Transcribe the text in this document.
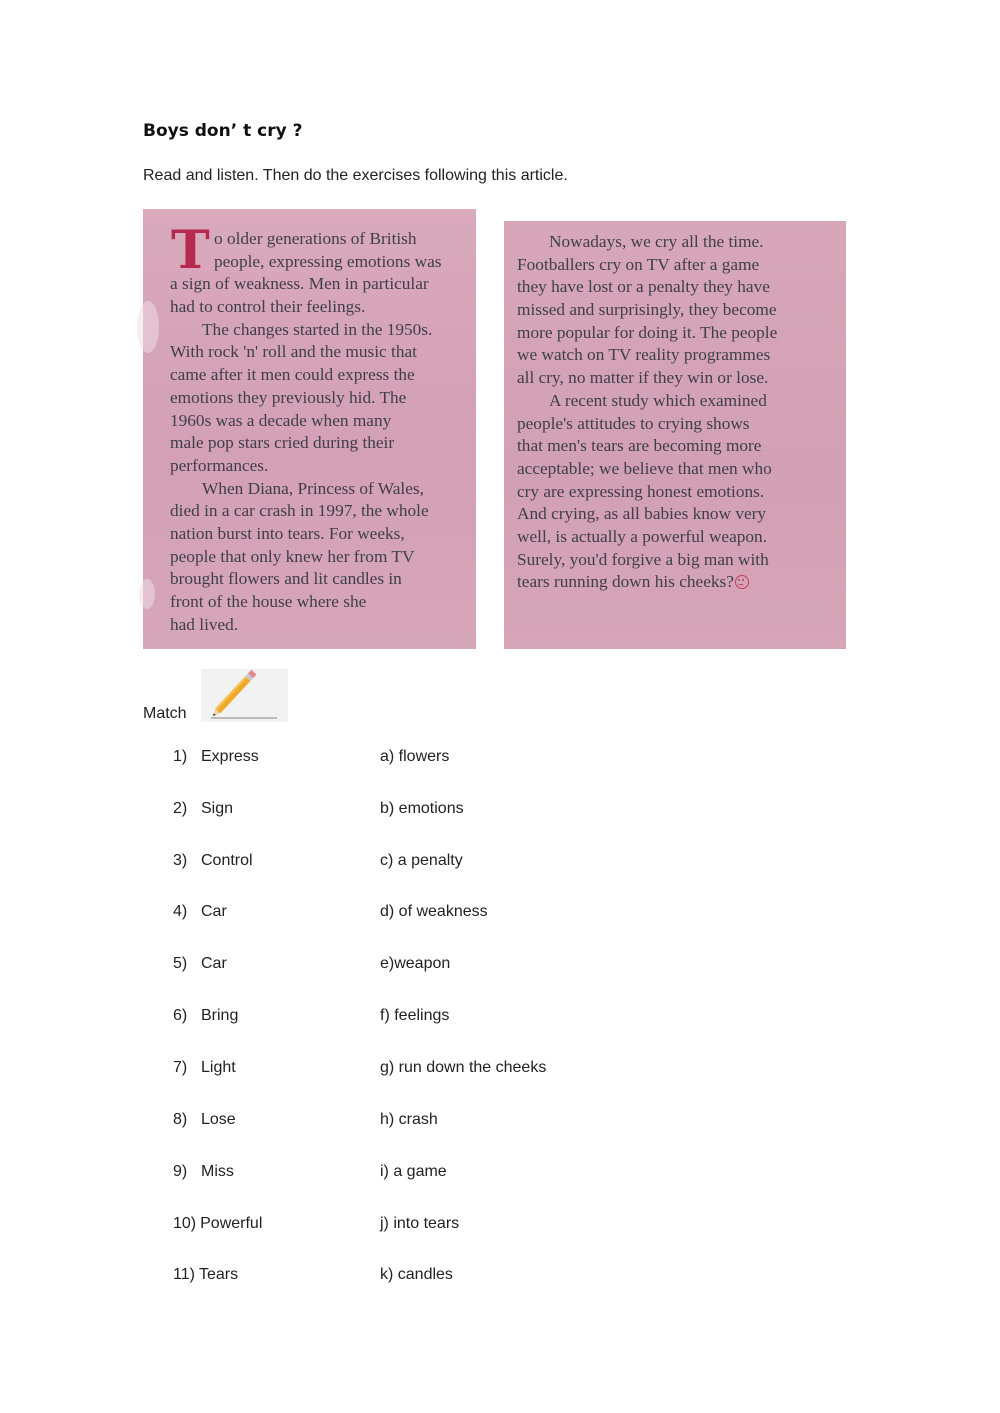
Boys don’ t cry ?
Read and listen. Then do the exercises following this article.
T o older generations of British
people, expressing emotions was
a sign of weakness. Men in particular
had to control their feelings.
The changes started in the 1950s.
With rock 'n' roll and the music that
came after it men could express the
emotions they previously hid. The
1960s was a decade when many
male pop stars cried during their
performances.
When Diana, Princess of Wales,
died in a car crash in 1997, the whole
nation burst into tears. For weeks,
people that only knew her from TV
brought flowers and lit candles in
front of the house where she
had lived.
Nowadays, we cry all the time.
Footballers cry on TV after a game
they have lost or a penalty they have
missed and surprisingly, they become
more popular for doing it. The people
we watch on TV reality programmes
all cry, no matter if they win or lose.
A recent study which examined
people's attitudes to crying shows
that men's tears are becoming more
acceptable; we believe that men who
cry are expressing honest emotions.
And crying, as all babies know very
well, is actually a powerful weapon.
Surely, you'd forgive a big man with
tears running down his cheeks?
Match
1) Express	a) flowers
2) Sign	b) emotions
3) Control	c) a penalty
4) Car	d) of weakness
5) Car	e)weapon
6) Bring	f) feelings
7) Light	g) run down the cheeks
8) Lose	h) crash
9) Miss	i) a game
10) Powerful	j) into tears
11) Tears	k) candles
